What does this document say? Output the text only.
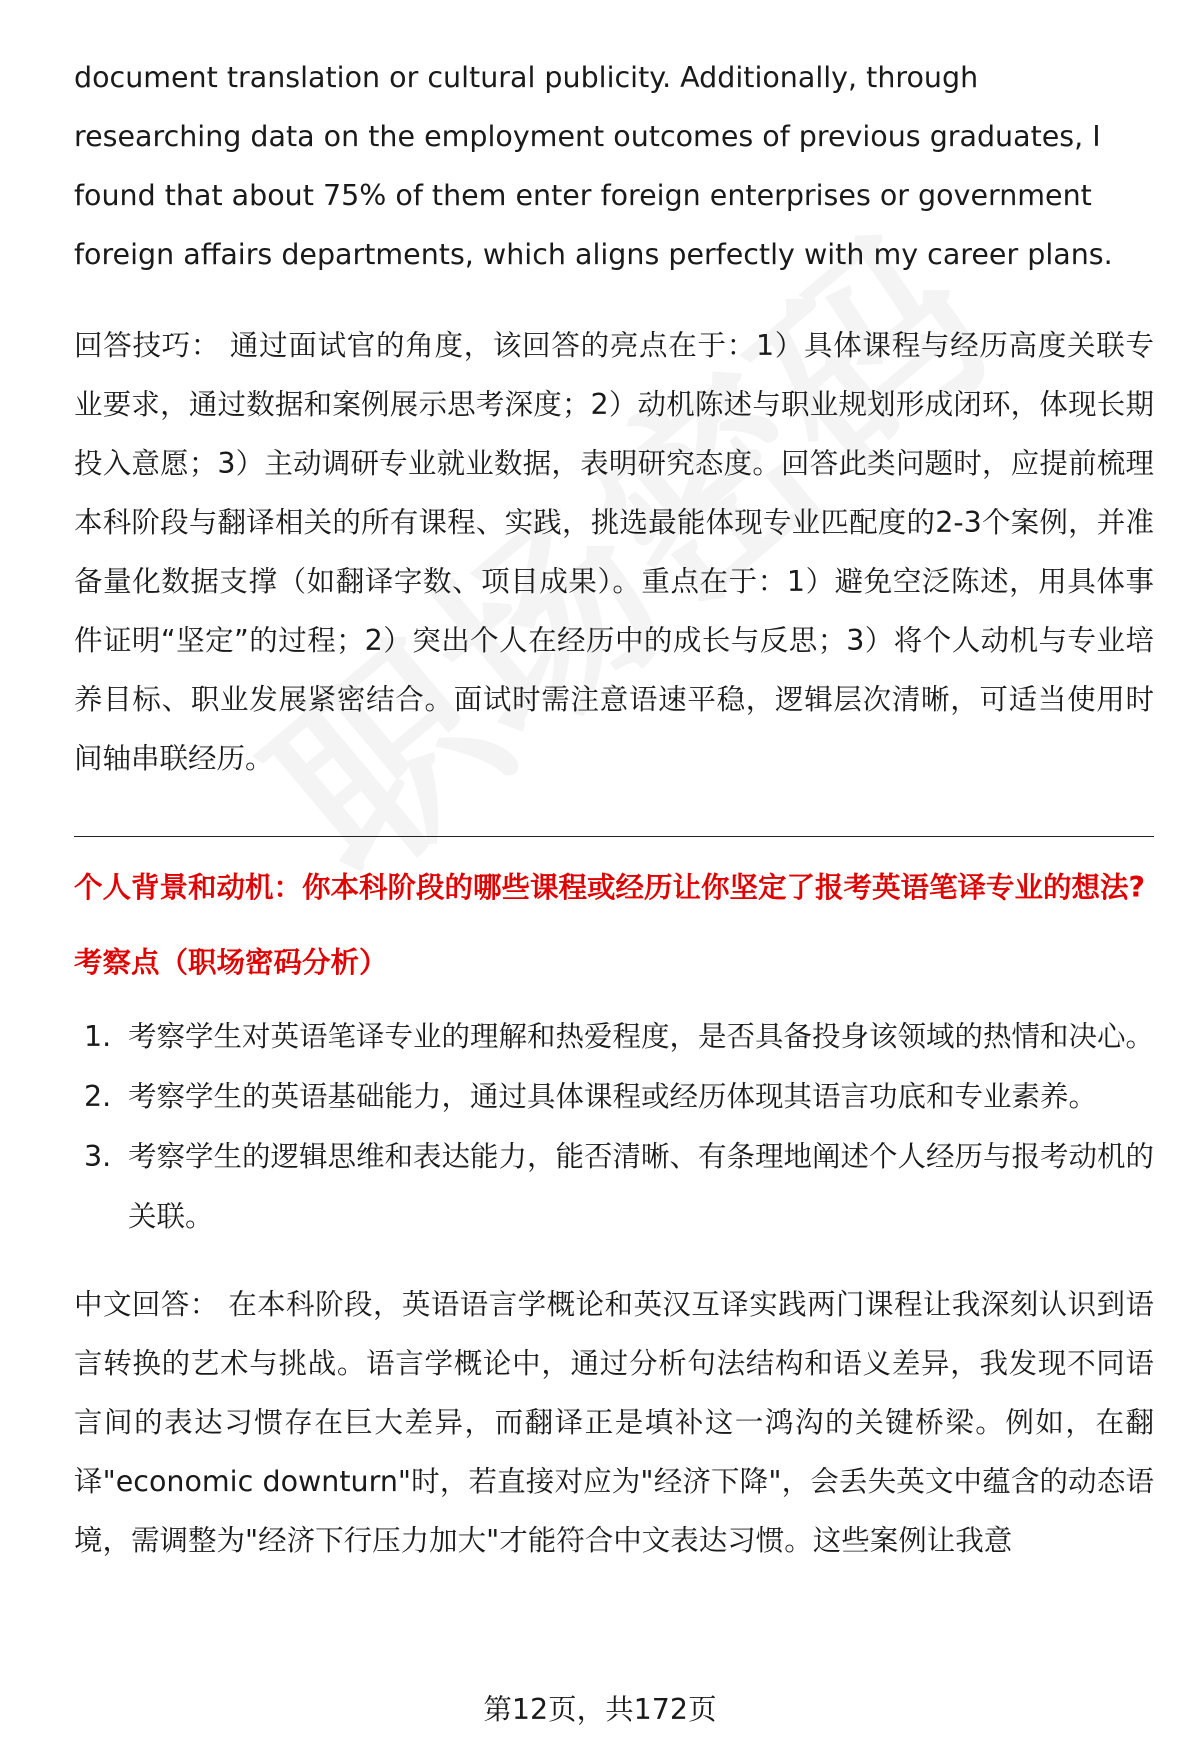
document translation or cultural publicity. Additionally, through researching data on the employment outcomes of previous graduates, I found that about 75% of them enter foreign enterprises or government foreign affairs departments, which aligns perfectly with my career plans.

回答技巧： 通过面试官的角度，该回答的亮点在于：1）具体课程与经历高度关联专业要求，通过数据和案例展示思考深度；2）动机陈述与职业规划形成闭环，体现长期投入意愿；3）主动调研专业就业数据，表明研究态度。回答此类问题时，应提前梳理本科阶段与翻译相关的所有课程、实践，挑选最能体现专业匹配度的2-3个案例，并准备量化数据支撑（如翻译字数、项目成果）。重点在于：1）避免空泛陈述，用具体事件证明“坚定”的过程；2）突出个人在经历中的成长与反思；3）将个人动机与专业培养目标、职业发展紧密结合。面试时需注意语速平稳，逻辑层次清晰，可适当使用时间轴串联经历。

个人背景和动机：你本科阶段的哪些课程或经历让你坚定了报考英语笔译专业的想法?

考察点（职场密码分析）

1. 考察学生对英语笔译专业的理解和热爱程度，是否具备投身该领域的热情和决心。
2. 考察学生的英语基础能力，通过具体课程或经历体现其语言功底和专业素养。
3. 考察学生的逻辑思维和表达能力，能否清晰、有条理地阐述个人经历与报考动机的关联。

中文回答： 在本科阶段，英语语言学概论和英汉互译实践两门课程让我深刻认识到语言转换的艺术与挑战。语言学概论中，通过分析句法结构和语义差异，我发现不同语言间的表达习惯存在巨大差异，而翻译正是填补这一鸿沟的关键桥梁。例如，在翻译"economic downturn"时，若直接对应为"经济下降"，会丢失英文中蕴含的动态语境，需调整为"经济下行压力加大"才能符合中文表达习惯。这些案例让我意

第12页，共172页
